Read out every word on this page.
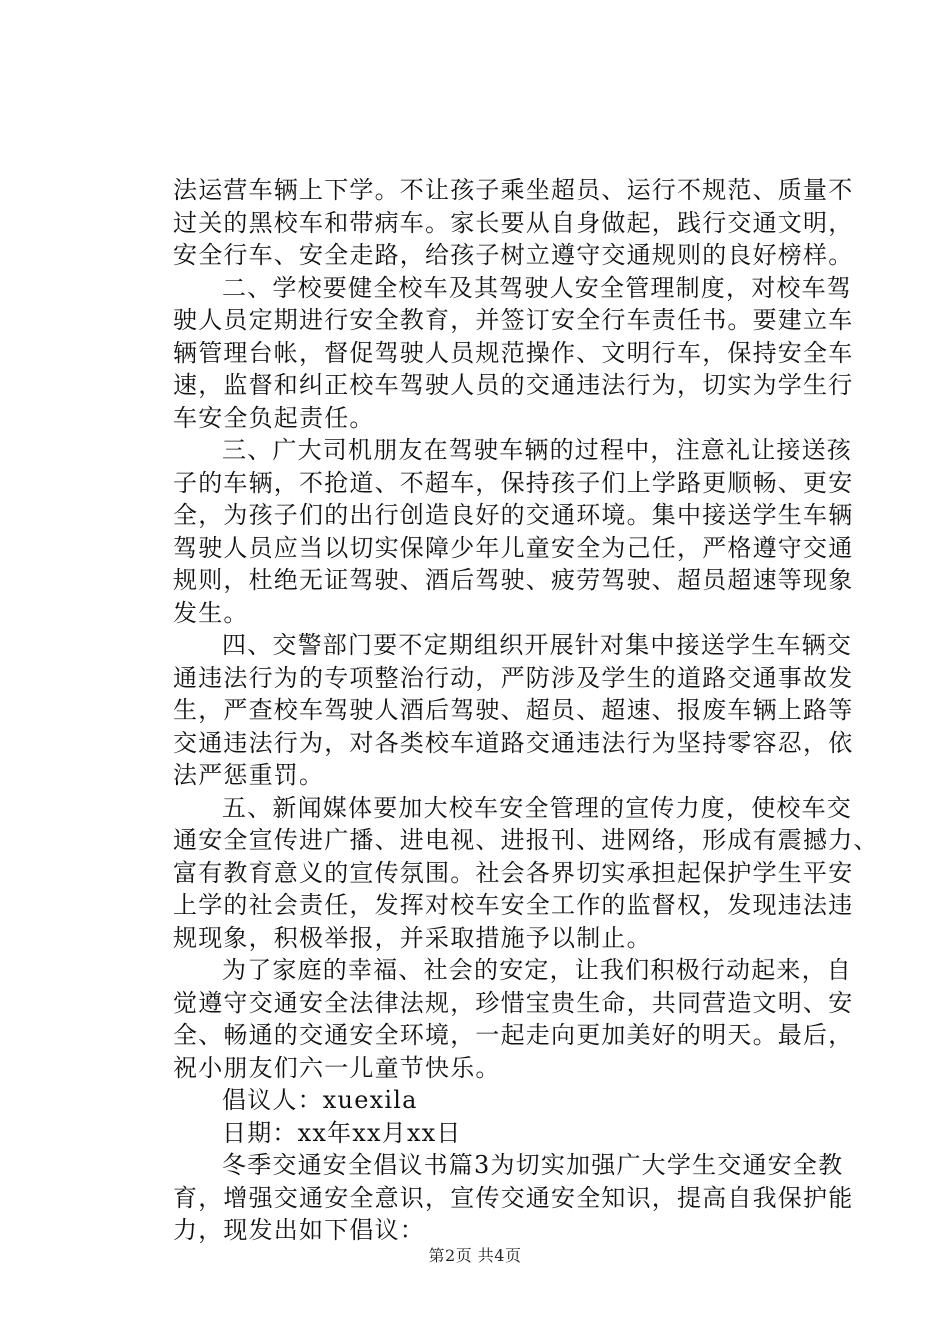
法运营车辆上下学。不让孩子乘坐超员、运行不规范、质量不
过关的黑校车和带病车。家长要从自身做起，践行交通文明，
安全行车、安全走路，给孩子树立遵守交通规则的良好榜样。
二、学校要健全校车及其驾驶人安全管理制度，对校车驾
驶人员定期进行安全教育，并签订安全行车责任书。要建立车
辆管理台帐，督促驾驶人员规范操作、文明行车，保持安全车
速，监督和纠正校车驾驶人员的交通违法行为，切实为学生行
车安全负起责任。
三、广大司机朋友在驾驶车辆的过程中，注意礼让接送孩
子的车辆，不抢道、不超车，保持孩子们上学路更顺畅、更安
全，为孩子们的出行创造良好的交通环境。集中接送学生车辆
驾驶人员应当以切实保障少年儿童安全为己任，严格遵守交通
规则，杜绝无证驾驶、酒后驾驶、疲劳驾驶、超员超速等现象
发生。
四、交警部门要不定期组织开展针对集中接送学生车辆交
通违法行为的专项整治行动，严防涉及学生的道路交通事故发
生，严查校车驾驶人酒后驾驶、超员、超速、报废车辆上路等
交通违法行为，对各类校车道路交通违法行为坚持零容忍，依
法严惩重罚。
五、新闻媒体要加大校车安全管理的宣传力度，使校车交
通安全宣传进广播、进电视、进报刊、进网络，形成有震撼力、
富有教育意义的宣传氛围。社会各界切实承担起保护学生平安
上学的社会责任，发挥对校车安全工作的监督权，发现违法违
规现象，积极举报，并采取措施予以制止。
为了家庭的幸福、社会的安定，让我们积极行动起来，自
觉遵守交通安全法律法规，珍惜宝贵生命，共同营造文明、安
全、畅通的交通安全环境，一起走向更加美好的明天。最后，
祝小朋友们六一儿童节快乐。
倡议人：xuexila
日期：xx年xx月xx日
冬季交通安全倡议书篇3为切实加强广大学生交通安全教
育，增强交通安全意识，宣传交通安全知识，提高自我保护能
力，现发出如下倡议：
第2页 共4页
